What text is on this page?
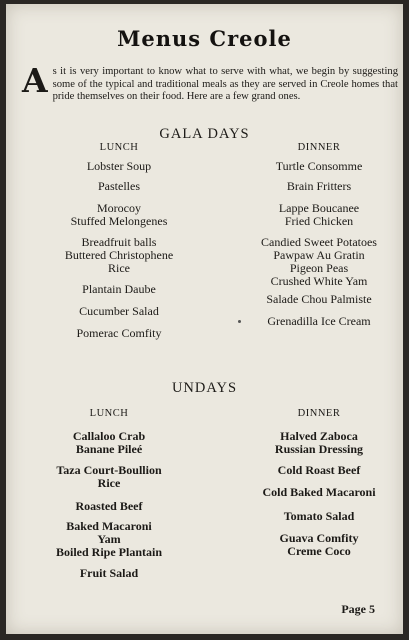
Menus Creole
As it is very important to know what to serve with what, we begin by suggesting some of the typical and traditional meals as they are served in Creole homes that pride themselves on their food. Here are a few grand ones.
GALA DAYS
LUNCH	DINNER
Lobster Soup
Pastelles
Morocoy
Stuffed Melongenes
Breadfruit balls
Buttered Christophene
Rice
Plantain Daube
Cucumber Salad
Pomerac Comfity
Turtle Consomme
Brain Fritters
Lappe Boucanee
Fried Chicken
Candied Sweet Potatoes
Pawpaw Au Gratin
Pigeon Peas
Crushed White Yam
Salade Chou Palmiste
Grenadilla Ice Cream
UNDAYS
LUNCH	DINNER
Callaloo Crab
Banane Pileé
Taza Court-Boullion
Rice
Roasted Beef
Baked Macaroni
Yam
Boiled Ripe Plantain
Fruit Salad
Halved Zaboca
Russian Dressing
Cold Roast Beef
Cold Baked Macaroni
Tomato Salad
Guava Comfity
Creme Coco
Page 5
